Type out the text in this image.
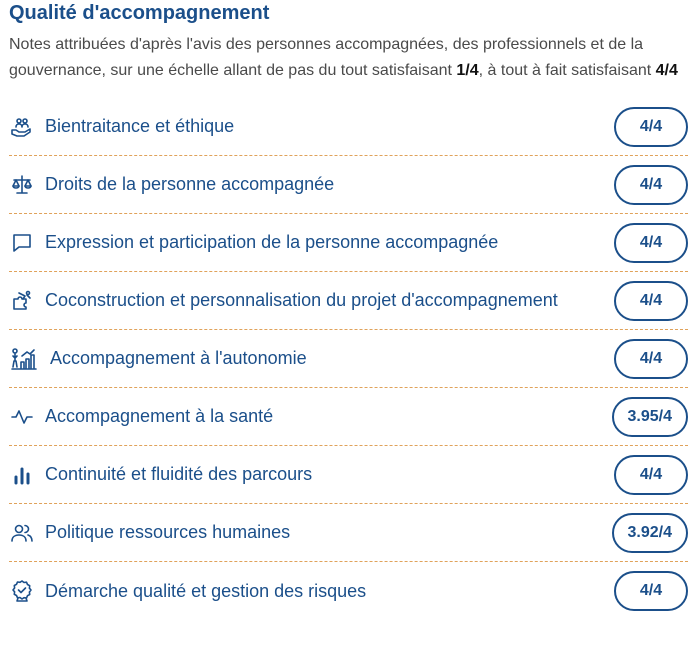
Qualité d'accompagnement
Notes attribuées d'après l'avis des personnes accompagnées, des professionnels et de la gouvernance, sur une échelle allant de pas du tout satisfaisant 1/4, à tout à fait satisfaisant 4/4
Bientraitance et éthique	4/4
Droits de la personne accompagnée	4/4
Expression et participation de la personne accompagnée	4/4
Coconstruction et personnalisation du projet d'accompagnement	4/4
Accompagnement à l'autonomie	4/4
Accompagnement à la santé	3.95/4
Continuité et fluidité des parcours	4/4
Politique ressources humaines	3.92/4
Démarche qualité et gestion des risques	4/4
